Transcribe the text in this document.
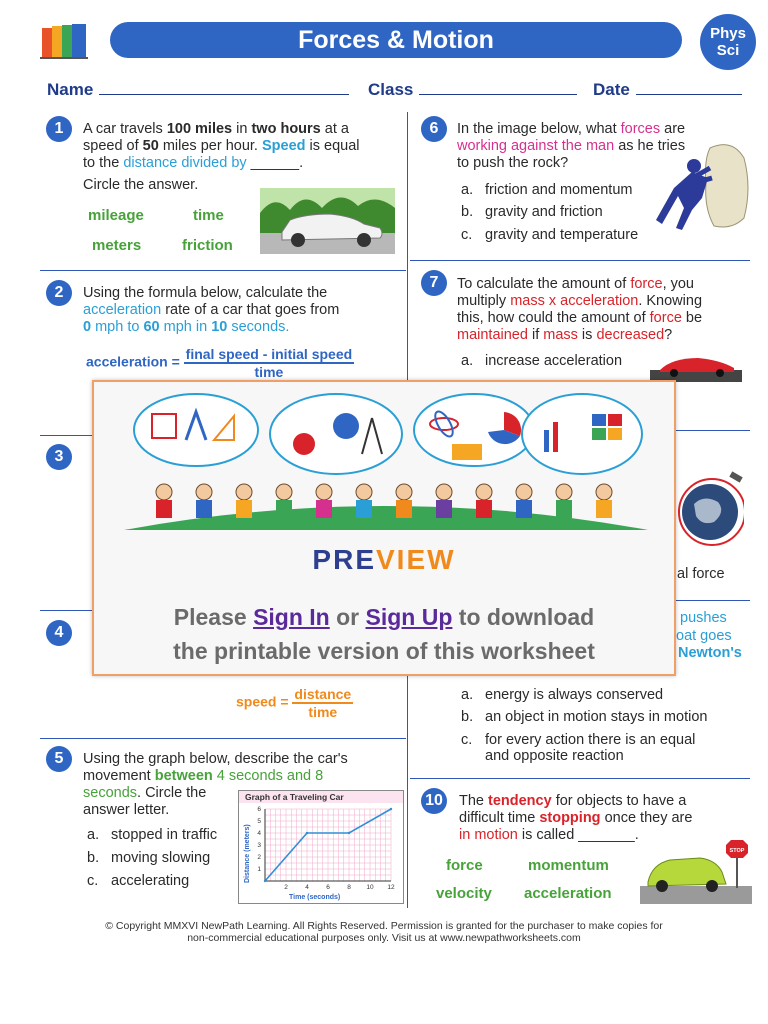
Forces & Motion	Phys
Sci
Name	Class	Date
1	A car travels 100 miles in two hours at a
speed of 50 miles per hour. Speed is equal
to the distance divided by ______.
Circle the answer.
mileage	time
meters	friction
2	Using the formula below, calculate the
acceleration rate of a car that goes from
0 mph to 60 mph in 10 seconds.
acceleration = $\frac{\text{final speed - initial speed}}{\text{time}}$
3
4
speed = $\frac{\text{distance}}{\text{time}}$
5	Using the graph below, describe the car's
movement between 4 seconds and 8
seconds. Circle the
answer letter.
a. stopped in traffic
b. moving slowing
c. accelerating
Graph of a Traveling Car
Distance (meters)
Time (seconds)
2	4	6	8 10 12
1
2
3
4
5
6
6	In the image below, what forces are
working against the man as he tries
to push the rock?
a. friction and momentum
b. gravity and friction
c. gravity and temperature
7	To calculate the amount of force, you
multiply mass x acceleration. Knowing
this, how could the amount of force be
maintained if mass is decreased?
a. increase acceleration
al force
pushes
oat goes
Newton's
a. energy is always conserved
b. an object in motion stays in motion
c. for every action there is an equal
and opposite reaction
10 The tendency for objects to have a
difficult time stopping once they are
in motion is called _______.
force	momentum
velocity acceleration
STOP
PREVIEW
Please Sign In or Sign Up to download
the printable version of this worksheet
© Copyright MMXVI NewPath Learning. All Rights Reserved. Permission is granted for the purchaser to make copies for
non-commercial educational purposes only. Visit us at www.newpathworksheets.com
